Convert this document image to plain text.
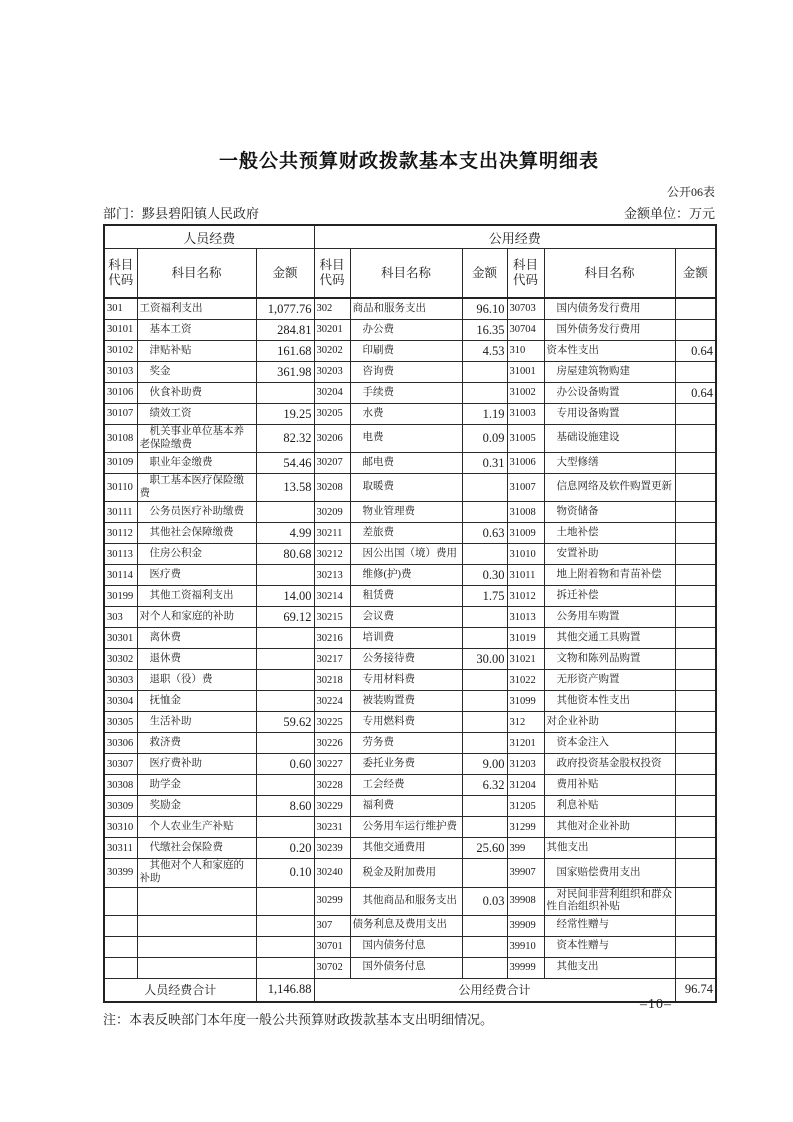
一般公共预算财政拨款基本支出决算明细表
公开06表
部门：黟县碧阳镇人民政府	金额单位：万元
人员经费			公用经费					
科目代码	科目名称	金额	科目代码	科目名称	金额	科目代码	科目名称	金额
301	工资福利支出	1,077.76	302	商品和服务支出	96.10	30703	国内债务发行费用	
30101	基本工资	284.81	30201	办公费	16.35	30704	国外债务发行费用	
30102	津贴补贴	161.68	30202	印刷费	4.53	310	资本性支出	0.64
30103	奖金	361.98	30203	咨询费		31001	房屋建筑物购建	
30106	伙食补助费		30204	手续费		31002	办公设备购置	0.64
30107	绩效工资	19.25	30205	水费	1.19	31003	专用设备购置	
30108	机关事业单位基本养老保险缴费	82.32	30206	电费	0.09	31005	基础设施建设	
30109	职业年金缴费	54.46	30207	邮电费	0.31	31006	大型修缮	
30110	职工基本医疗保险缴费	13.58	30208	取暖费		31007	信息网络及软件购置更新	
30111	公务员医疗补助缴费		30209	物业管理费		31008	物资储备	
30112	其他社会保障缴费	4.99	30211	差旅费	0.63	31009	土地补偿	
30113	住房公积金	80.68	30212	因公出国（境）费用		31010	安置补助	
30114	医疗费		30213	维修(护)费	0.30	31011	地上附着物和青苗补偿	
30199	其他工资福利支出	14.00	30214	租赁费	1.75	31012	拆迁补偿	
303	对个人和家庭的补助	69.12	30215	会议费		31013	公务用车购置	
30301	离休费		30216	培训费		31019	其他交通工具购置	
30302	退休费		30217	公务接待费	30.00	31021	文物和陈列品购置	
30303	退职（役）费		30218	专用材料费		31022	无形资产购置	
30304	抚恤金		30224	被装购置费		31099	其他资本性支出	
30305	生活补助	59.62	30225	专用燃料费		312	对企业补助	
30306	救济费		30226	劳务费		31201	资本金注入	
30307	医疗费补助	0.60	30227	委托业务费	9.00	31203	政府投资基金股权投资	
30308	助学金		30228	工会经费	6.32	31204	费用补贴	
30309	奖励金	8.60	30229	福利费		31205	利息补贴	
30310	个人农业生产补贴		30231	公务用车运行维护费		31299	其他对企业补助	
30311	代缴社会保险费	0.20	30239	其他交通费用	25.60	399	其他支出	
30399	其他对个人和家庭的补助	0.10	30240	税金及附加费用		39907	国家赔偿费用支出	
			30299	其他商品和服务支出	0.03	39908	对民间非营利组织和群众性自治组织补贴	
			307	债务利息及费用支出		39909	经常性赠与	
			30701	国内债务付息		39910	资本性赠与	
			30702	国外债务付息		39999	其他支出	
人员经费合计		1,146.88	公用经费合计					96.74
注：本表反映部门本年度一般公共预算财政拨款基本支出明细情况。
–10–
